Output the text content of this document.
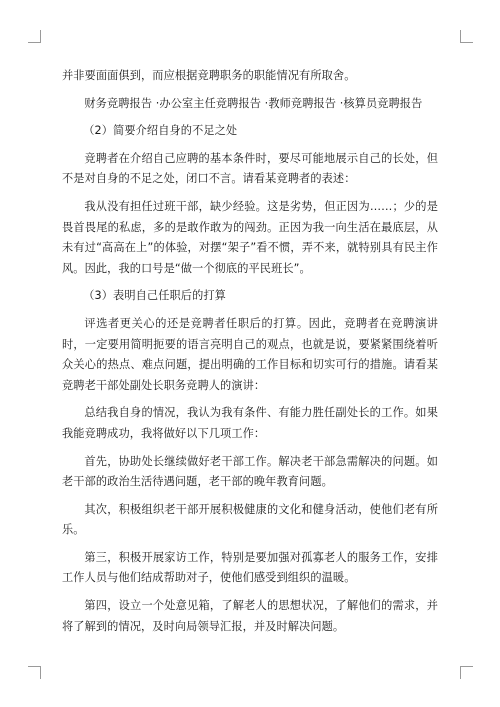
并非要面面俱到，而应根据竞聘职务的职能情况有所取舍。

财务竞聘报告 ·办公室主任竞聘报告 ·教师竞聘报告 ·核算员竞聘报告

（2）简要介绍自身的不足之处

竞聘者在介绍自己应聘的基本条件时，要尽可能地展示自己的长处，但不是对自身的不足之处，闭口不言。请看某竞聘者的表述：

我从没有担任过班干部，缺少经验。这是劣势，但正因为……；少的是畏首畏尾的私虑，多的是敢作敢为的闯劲。正因为我一向生活在最底层，从未有过“高高在上”的体验，对摆“架子”看不惯，弄不来，就特别具有民主作风。因此，我的口号是“做一个彻底的平民班长”。

（3）表明自己任职后的打算

评选者更关心的还是竞聘者任职后的打算。因此，竞聘者在竞聘演讲时，一定要用简明扼要的语言亮明自己的观点，也就是说，要紧紧围绕着听众关心的热点、难点问题，提出明确的工作目标和切实可行的措施。请看某竞聘老干部处副处长职务竞聘人的演讲：

总结我自身的情况，我认为我有条件、有能力胜任副处长的工作。如果我能竞聘成功，我将做好以下几项工作：

首先，协助处长继续做好老干部工作。解决老干部急需解决的问题。如老干部的政治生活待遇问题，老干部的晚年教育问题。

其次，积极组织老干部开展积极健康的文化和健身活动，使他们老有所乐。

第三，积极开展家访工作，特别是要加强对孤寡老人的服务工作，安排工作人员与他们结成帮助对子，使他们感受到组织的温暖。

第四，设立一个处意见箱，了解老人的思想状况，了解他们的需求，并将了解到的情况，及时向局领导汇报，并及时解决问题。
